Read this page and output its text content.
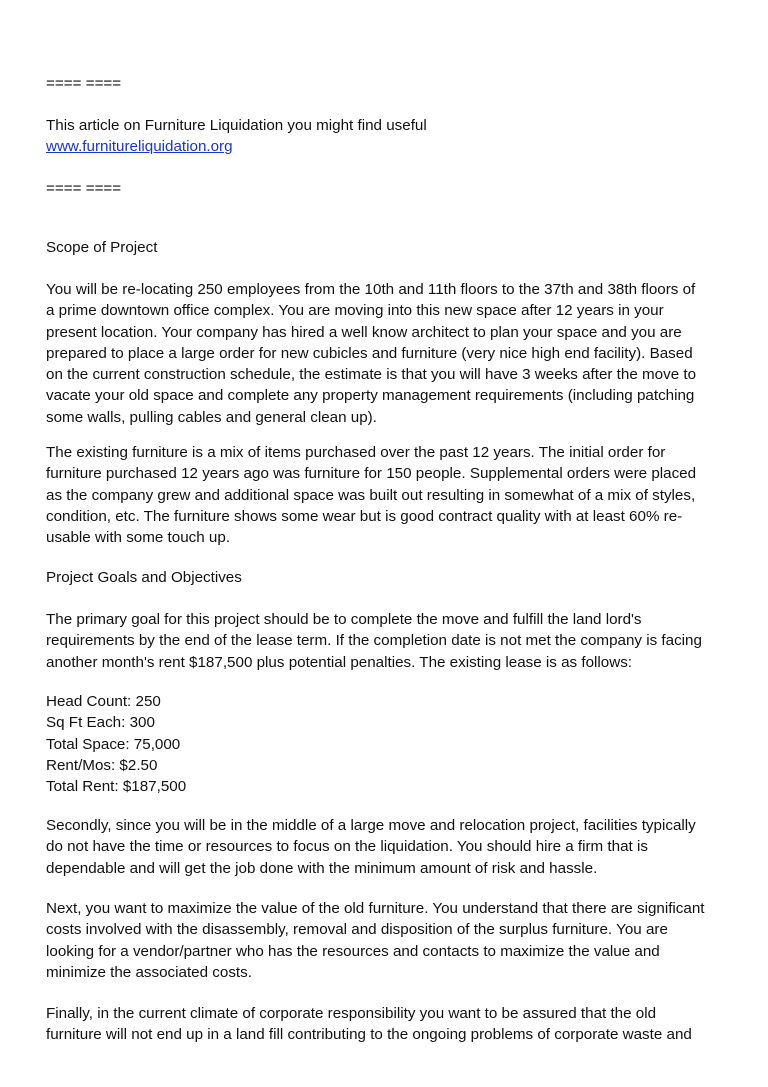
==== ====
This article on Furniture Liquidation you might find useful
www.furnitureliquidation.org
==== ====
Scope of Project
You will be re-locating 250 employees from the 10th and 11th floors to the 37th and 38th floors of
a prime downtown office complex. You are moving into this new space after 12 years in your
present location. Your company has hired a well know architect to plan your space and you are
prepared to place a large order for new cubicles and furniture (very nice high end facility). Based
on the current construction schedule, the estimate is that you will have 3 weeks after the move to
vacate your old space and complete any property management requirements (including patching
some walls, pulling cables and general clean up).
The existing furniture is a mix of items purchased over the past 12 years. The initial order for
furniture purchased 12 years ago was furniture for 150 people. Supplemental orders were placed
as the company grew and additional space was built out resulting in somewhat of a mix of styles,
condition, etc. The furniture shows some wear but is good contract quality with at least 60% re-
usable with some touch up.
Project Goals and Objectives
The primary goal for this project should be to complete the move and fulfill the land lord's
requirements by the end of the lease term. If the completion date is not met the company is facing
another month's rent $187,500 plus potential penalties. The existing lease is as follows:
Head Count: 250
Sq Ft Each: 300
Total Space: 75,000
Rent/Mos: $2.50
Total Rent: $187,500
Secondly, since you will be in the middle of a large move and relocation project, facilities typically
do not have the time or resources to focus on the liquidation. You should hire a firm that is
dependable and will get the job done with the minimum amount of risk and hassle.
Next, you want to maximize the value of the old furniture. You understand that there are significant
costs involved with the disassembly, removal and disposition of the surplus furniture. You are
looking for a vendor/partner who has the resources and contacts to maximize the value and
minimize the associated costs.
Finally, in the current climate of corporate responsibility you want to be assured that the old
furniture will not end up in a land fill contributing to the ongoing problems of corporate waste and
